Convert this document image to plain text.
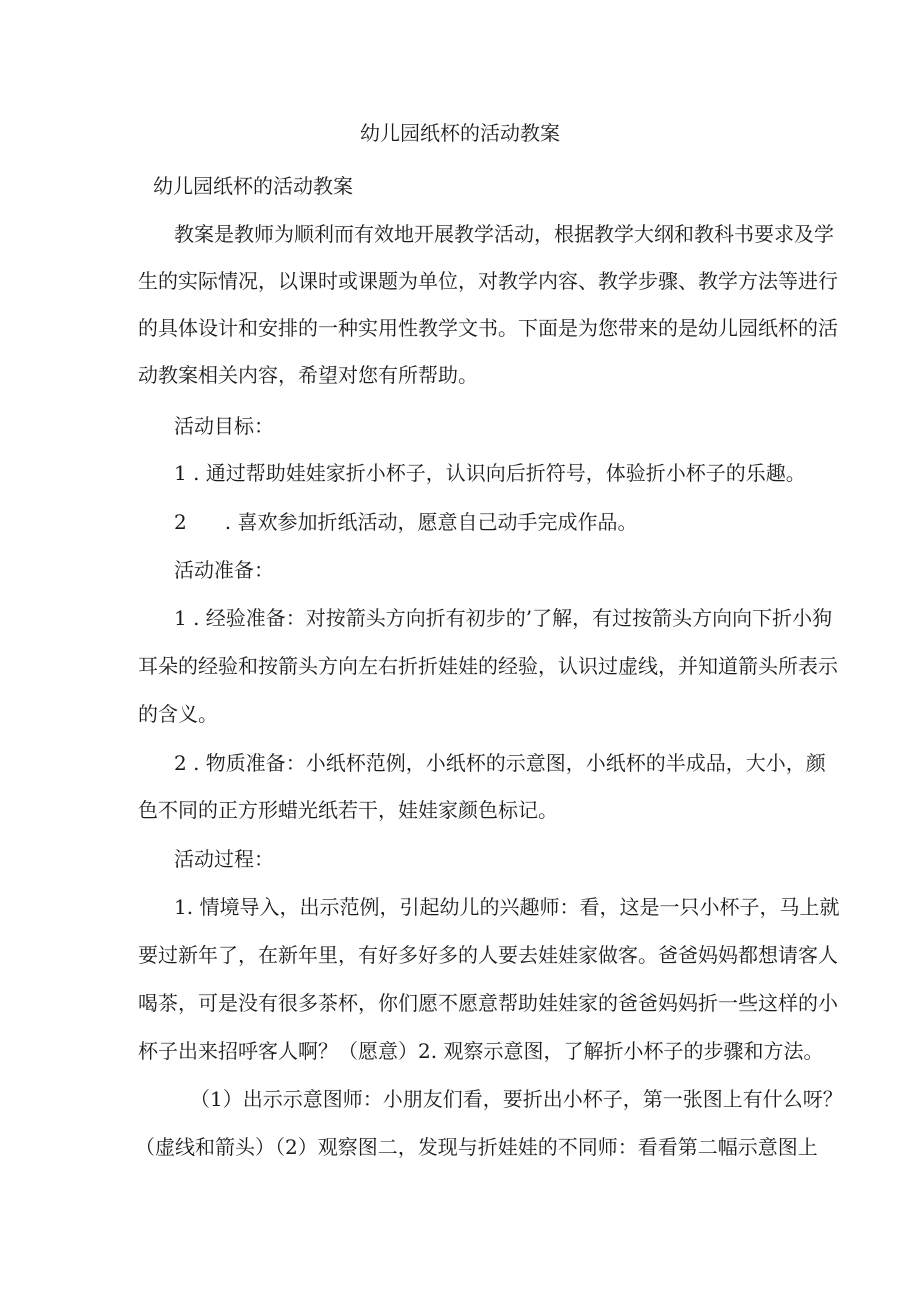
幼儿园纸杯的活动教案
幼儿园纸杯的活动教案
教案是教师为顺利而有效地开展教学活动，根据教学大纲和教科书要求及学
生的实际情况，以课时或课题为单位，对教学内容、教学步骤、教学方法等进行
的具体设计和安排的一种实用性教学文书。下面是为您带来的是幼儿园纸杯的活
动教案相关内容，希望对您有所帮助。
活动目标：
1 . 通过帮助娃娃家折小杯子，认识向后折符号，体验折小杯子的乐趣。
2 . 喜欢参加折纸活动，愿意自己动手完成作品。
活动准备：
1 . 经验准备：对按箭头方向折有初步的’了解，有过按箭头方向向下折小狗
耳朵的经验和按箭头方向左右折折娃娃的经验，认识过虚线，并知道箭头所表示
的含义。
2 . 物质准备：小纸杯范例，小纸杯的示意图，小纸杯的半成品，大小，颜
色不同的正方形蜡光纸若干，娃娃家颜色标记。
活动过程：
1. 情境导入，出示范例，引起幼儿的兴趣师：看，这是一只小杯子，马上就
要过新年了，在新年里，有好多好多的人要去娃娃家做客。爸爸妈妈都想请客人
喝茶，可是没有很多茶杯，你们愿不愿意帮助娃娃家的爸爸妈妈折一些这样的小
杯子出来招呼客人啊？（愿意）2. 观察示意图，了解折小杯子的步骤和方法。
（1）出示示意图师：小朋友们看，要折出小杯子，第一张图上有什么呀？
（虚线和箭头）（2）观察图二，发现与折娃娃的不同师：看看第二幅示意图上
